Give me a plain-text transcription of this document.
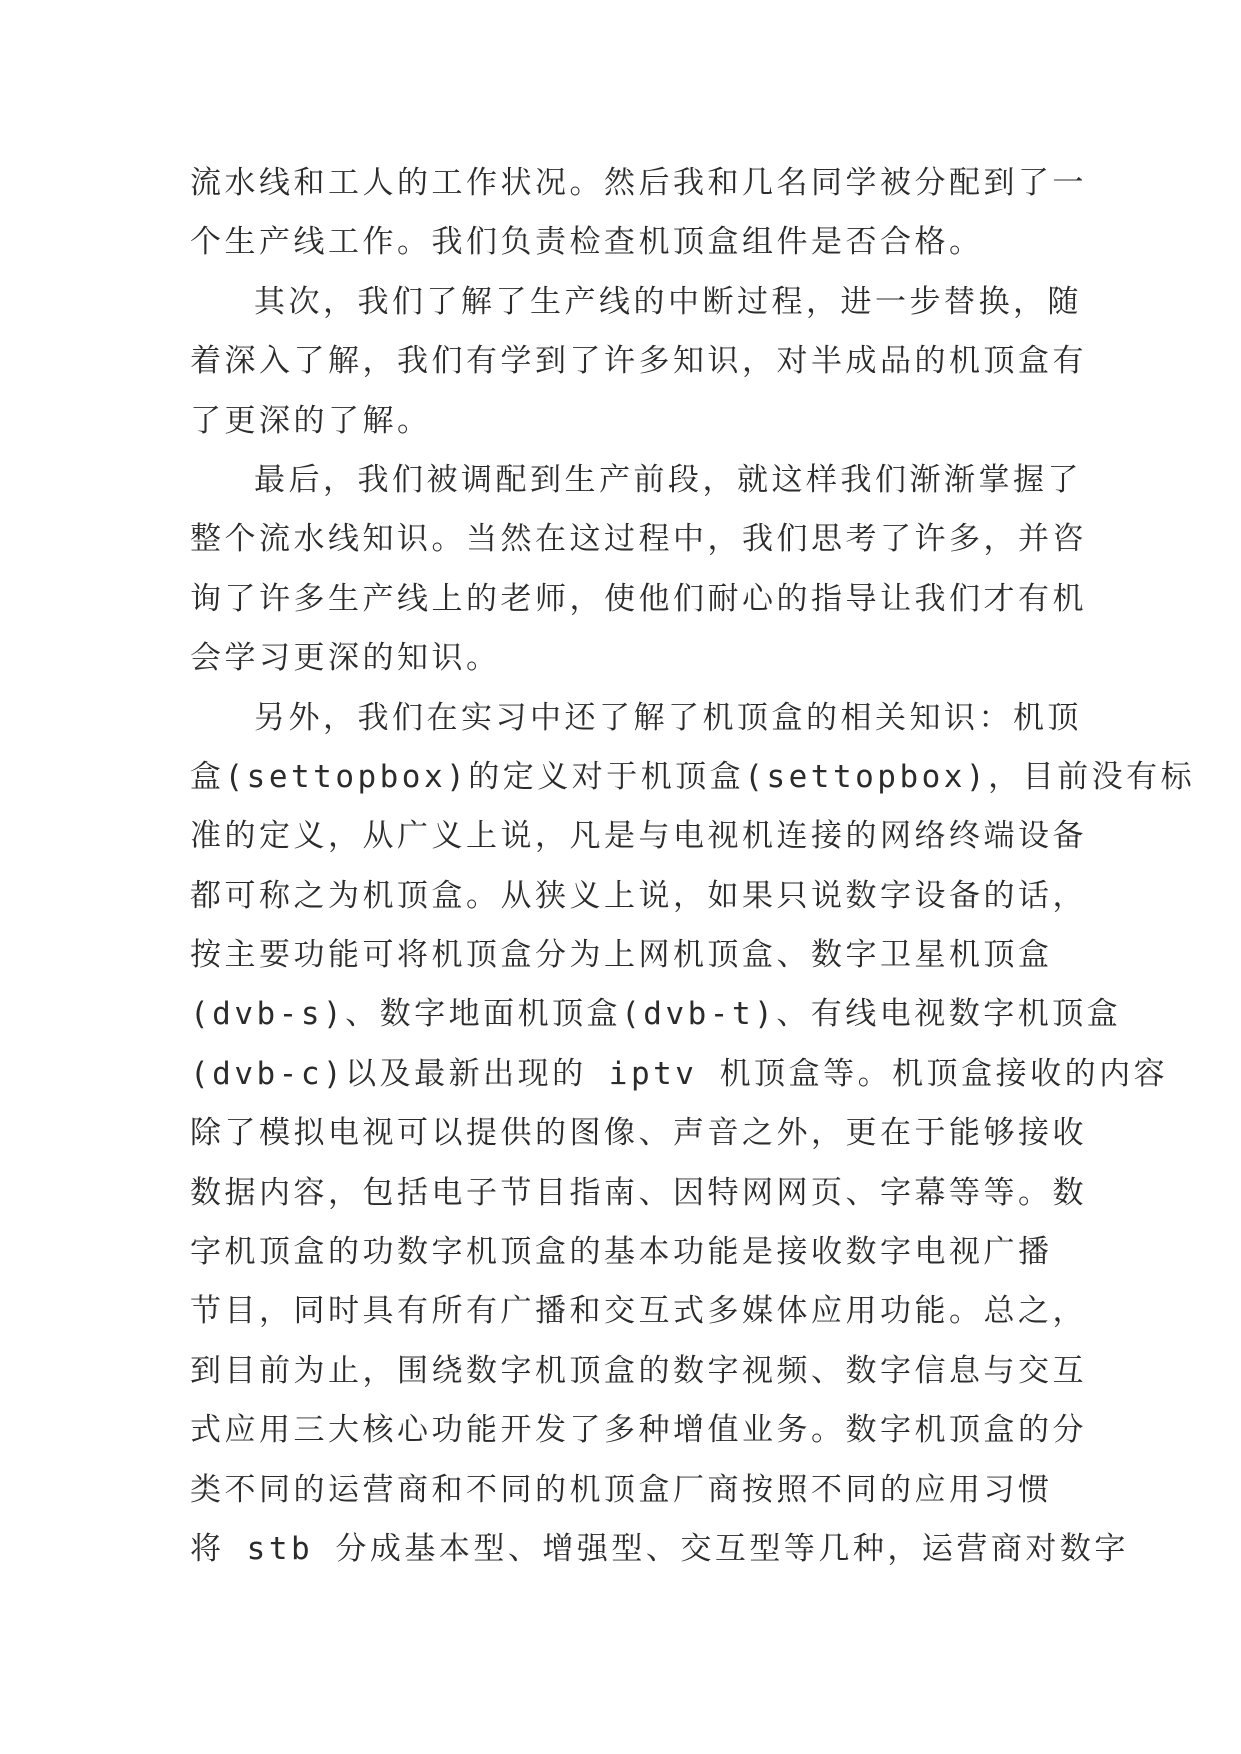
流水线和工人的工作状况。然后我和几名同学被分配到了一
个生产线工作。我们负责检查机顶盒组件是否合格。
其次，我们了解了生产线的中断过程，进一步替换，随
着深入了解，我们有学到了许多知识，对半成品的机顶盒有
了更深的了解。
最后，我们被调配到生产前段，就这样我们渐渐掌握了
整个流水线知识。当然在这过程中，我们思考了许多，并咨
询了许多生产线上的老师，使他们耐心的指导让我们才有机
会学习更深的知识。
另外，我们在实习中还了解了机顶盒的相关知识：机顶
盒(settopbox)的定义对于机顶盒(settopbox)，目前没有标
准的定义，从广义上说，凡是与电视机连接的网络终端设备
都可称之为机顶盒。从狭义上说，如果只说数字设备的话，
按主要功能可将机顶盒分为上网机顶盒、数字卫星机顶盒
(dvb-s)、数字地面机顶盒(dvb-t)、有线电视数字机顶盒
(dvb-c)以及最新出现的 iptv 机顶盒等。机顶盒接收的内容
除了模拟电视可以提供的图像、声音之外，更在于能够接收
数据内容，包括电子节目指南、因特网网页、字幕等等。数
字机顶盒的功数字机顶盒的基本功能是接收数字电视广播
节目，同时具有所有广播和交互式多媒体应用功能。总之，
到目前为止，围绕数字机顶盒的数字视频、数字信息与交互
式应用三大核心功能开发了多种增值业务。数字机顶盒的分
类不同的运营商和不同的机顶盒厂商按照不同的应用习惯
将 stb 分成基本型、增强型、交互型等几种，运营商对数字
